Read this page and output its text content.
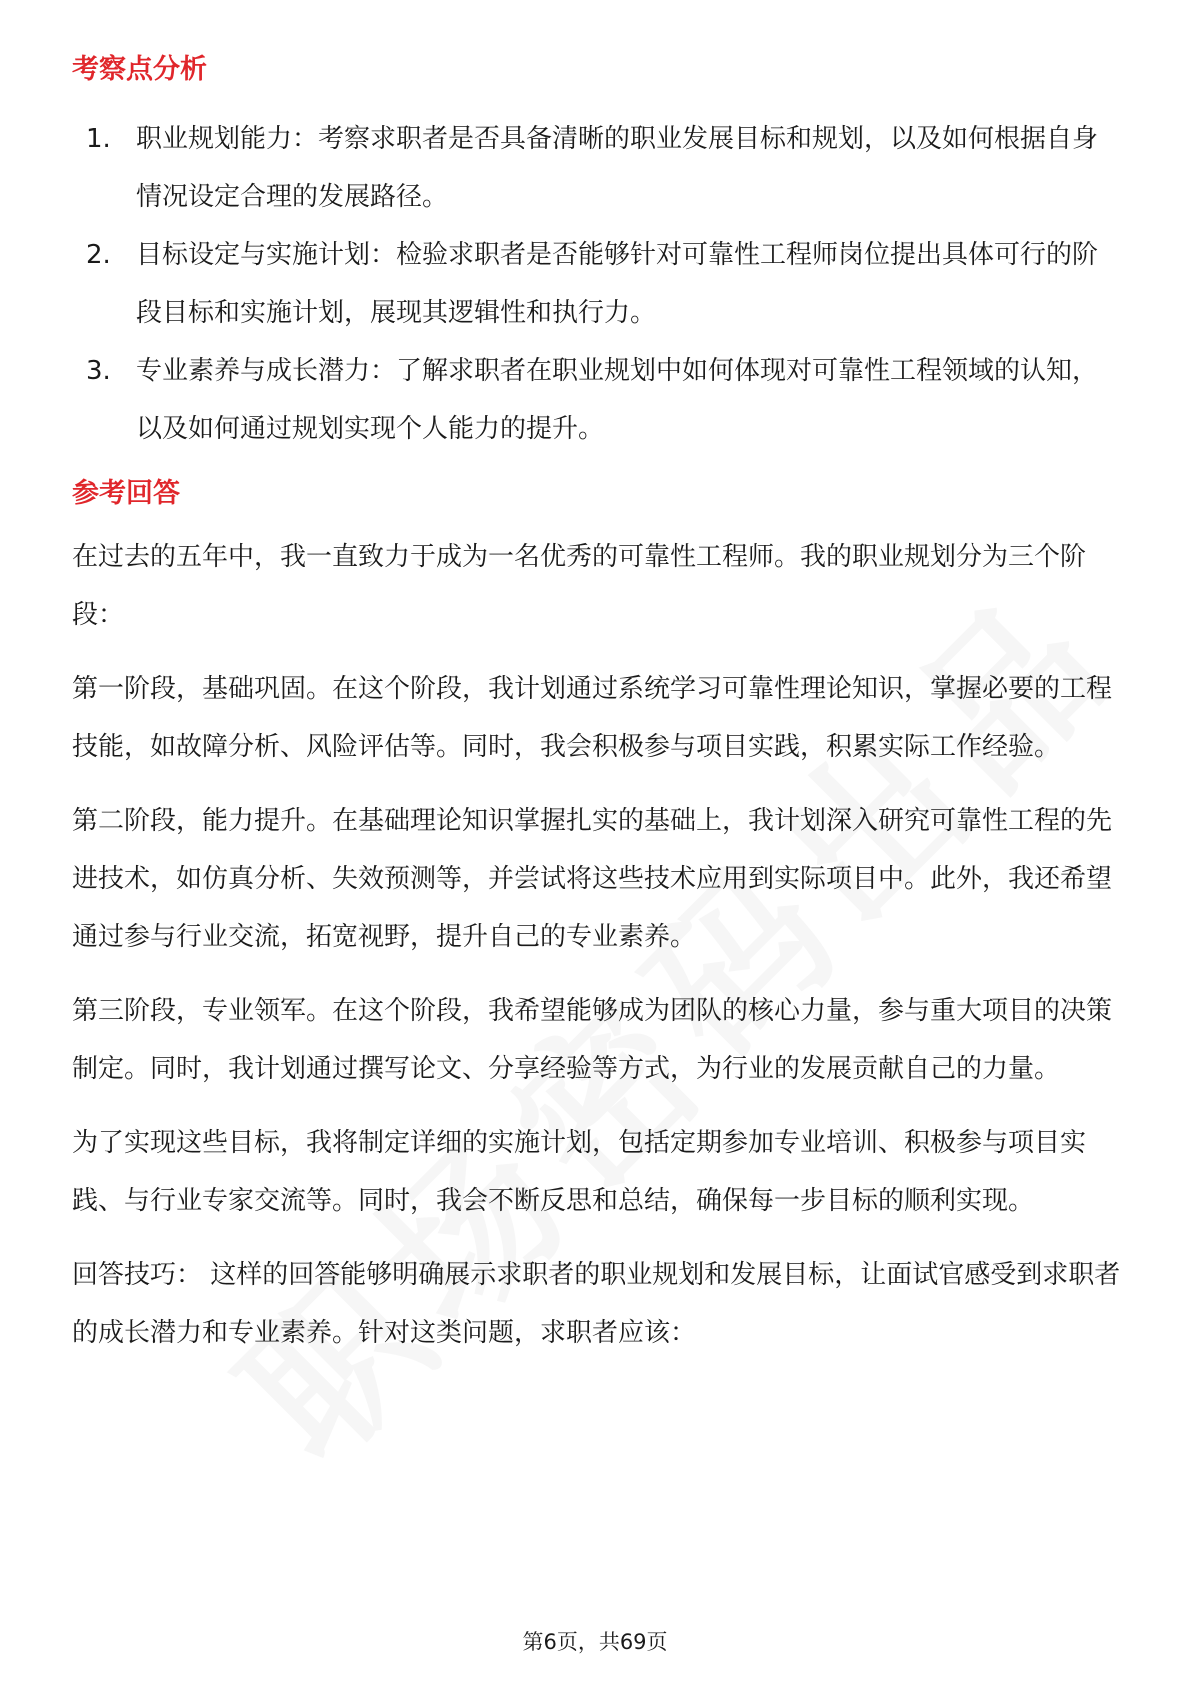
考察点分析
1. 职业规划能力：考察求职者是否具备清晰的职业发展目标和规划，以及如何根据自身情况设定合理的发展路径。
2. 目标设定与实施计划：检验求职者是否能够针对可靠性工程师岗位提出具体可行的阶段目标和实施计划，展现其逻辑性和执行力。
3. 专业素养与成长潜力：了解求职者在职业规划中如何体现对可靠性工程领域的认知，以及如何通过规划实现个人能力的提升。
参考回答

在过去的五年中，我一直致力于成为一名优秀的可靠性工程师。我的职业规划分为三个阶段：

第一阶段，基础巩固。在这个阶段，我计划通过系统学习可靠性理论知识，掌握必要的工程技能，如故障分析、风险评估等。同时，我会积极参与项目实践，积累实际工作经验。

第二阶段，能力提升。在基础理论知识掌握扎实的基础上，我计划深入研究可靠性工程的先进技术，如仿真分析、失效预测等，并尝试将这些技术应用到实际项目中。此外，我还希望通过参与行业交流，拓宽视野，提升自己的专业素养。

第三阶段，专业领军。在这个阶段，我希望能够成为团队的核心力量，参与重大项目的决策制定。同时，我计划通过撰写论文、分享经验等方式，为行业的发展贡献自己的力量。

为了实现这些目标，我将制定详细的实施计划，包括定期参加专业培训、积极参与项目实践、与行业专家交流等。同时，我会不断反思和总结，确保每一步目标的顺利实现。

回答技巧： 这样的回答能够明确展示求职者的职业规划和发展目标，让面试官感受到求职者的成长潜力和专业素养。针对这类问题，求职者应该：

第6页，共69页
